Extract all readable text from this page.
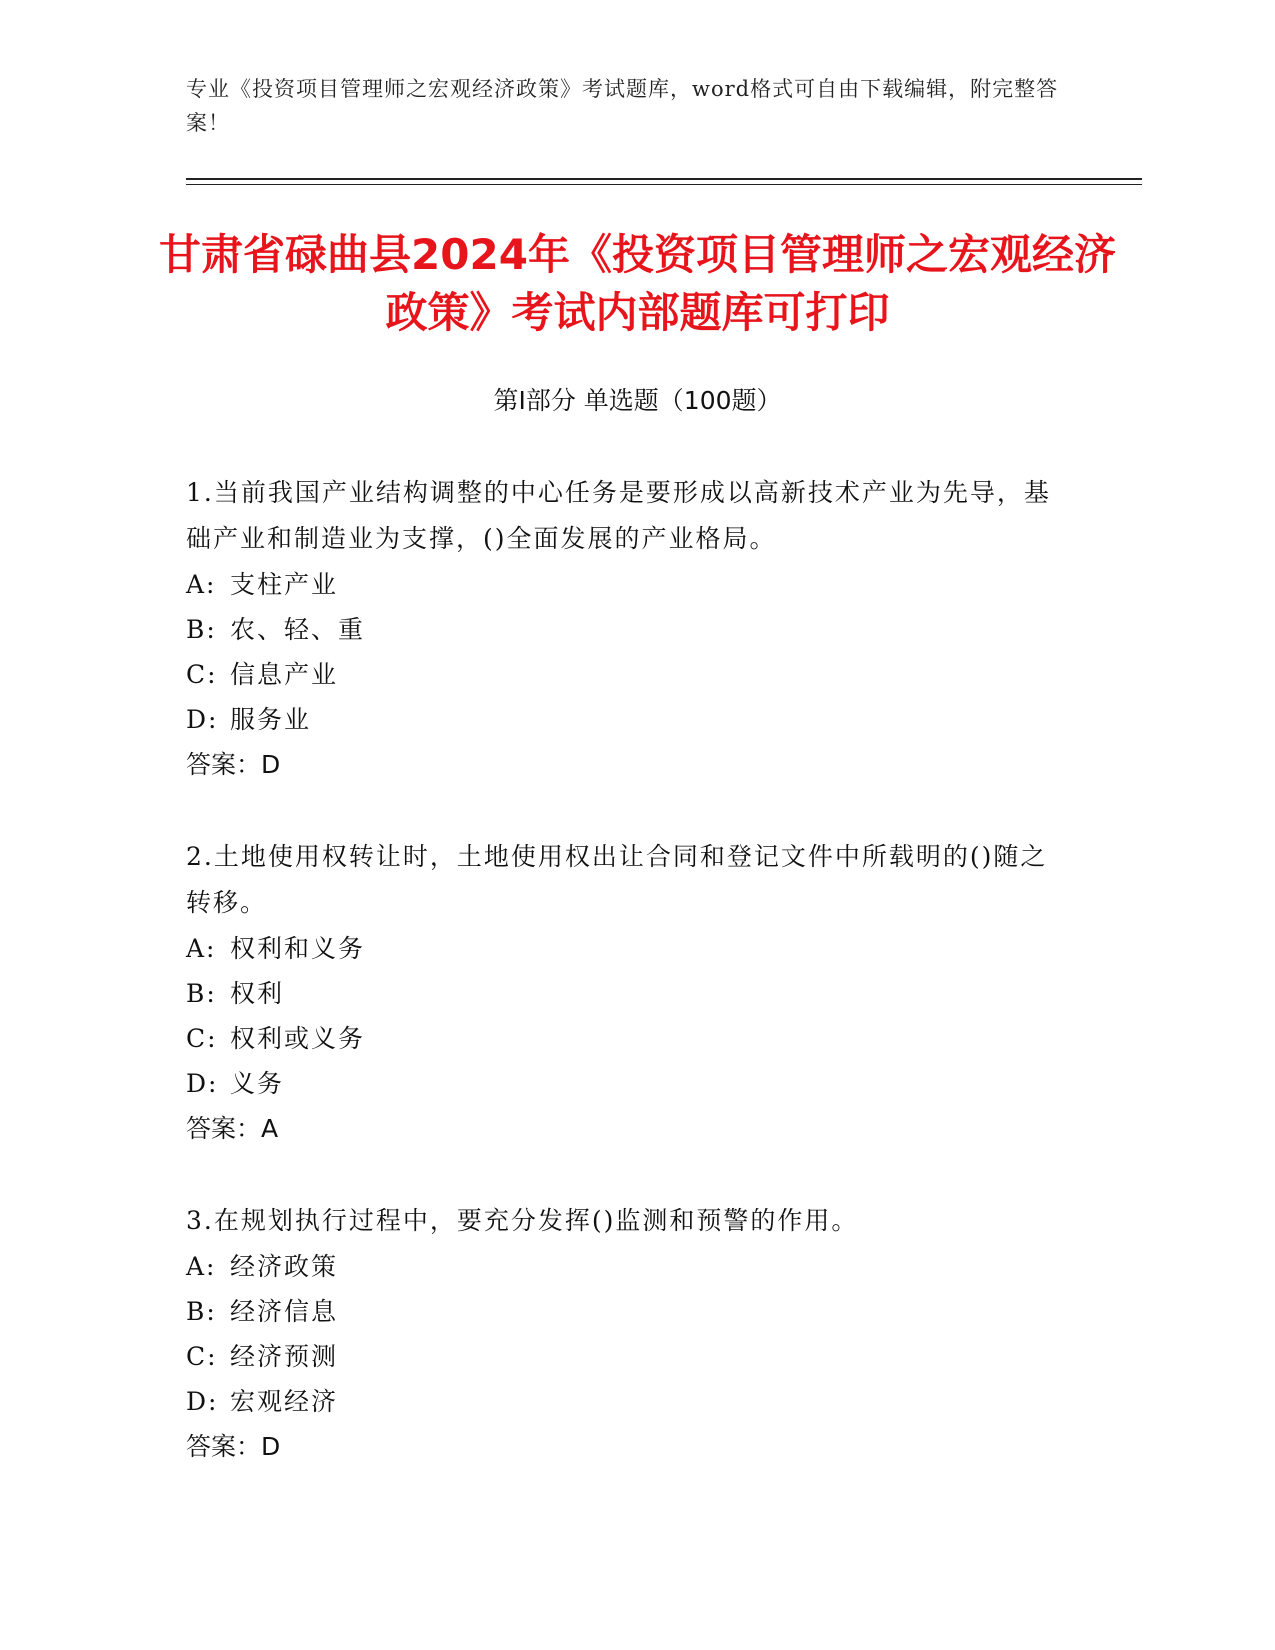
专业《投资项目管理师之宏观经济政策》考试题库，word格式可自由下载编辑，附完整答案！
甘肃省碌曲县2024年《投资项目管理师之宏观经济政策》考试内部题库可打印
第I部分 单选题（100题）

1.当前我国产业结构调整的中心任务是要形成以高新技术产业为先导，基础产业和制造业为支撑，()全面发展的产业格局。

A: 支柱产业

B: 农、轻、重

C: 信息产业

D: 服务业

答案：D

2.土地使用权转让时，土地使用权出让合同和登记文件中所载明的()随之转移。

A: 权利和义务

B: 权利

C: 权利或义务

D: 义务

答案：A

3.在规划执行过程中，要充分发挥()监测和预警的作用。

A: 经济政策

B: 经济信息

C: 经济预测

D: 宏观经济

答案：D
